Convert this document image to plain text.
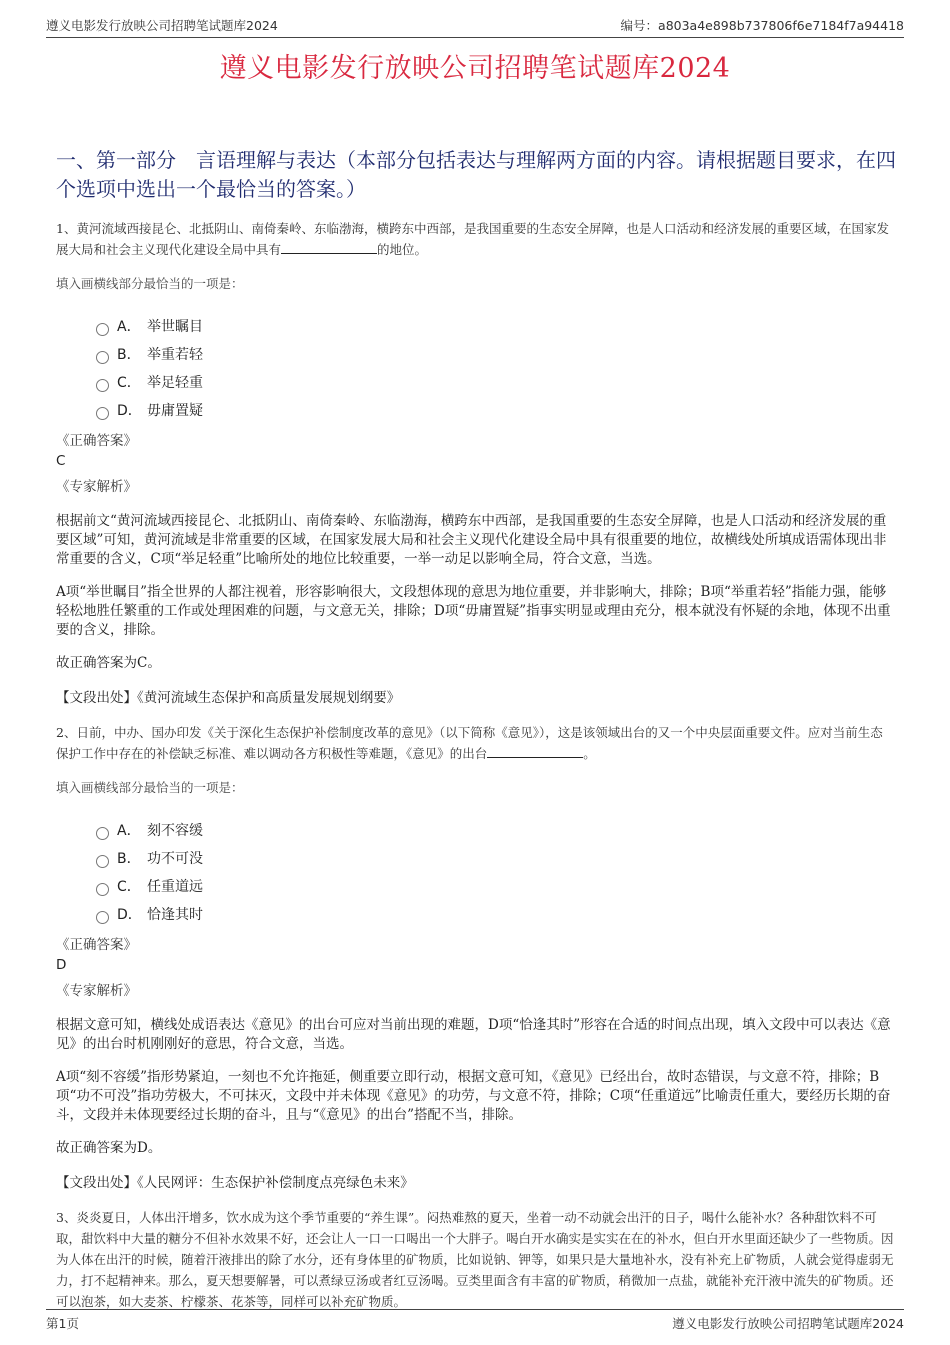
遵义电影发行放映公司招聘笔试题库2024	编号：a803a4e898b737806f6e7184f7a94418
遵义电影发行放映公司招聘笔试题库2024
一、第一部分　言语理解与表达（本部分包括表达与理解两方面的内容。请根据题目要求，在四个选项中选出一个最恰当的答案。）
1、黄河流域西接昆仑、北抵阴山、南倚秦岭、东临渤海，横跨东中西部，是我国重要的生态安全屏障，也是人口活动和经济发展的重要区域，在国家发展大局和社会主义现代化建设全局中具有	的地位。
填入画横线部分最恰当的一项是：
A． 举世瞩目
B． 举重若轻
C． 举足轻重
D． 毋庸置疑
《正确答案》
C
《专家解析》
根据前文“黄河流域西接昆仑、北抵阴山、南倚秦岭、东临渤海，横跨东中西部，是我国重要的生态安全屏障，也是人口活动和经济发展的重要区域”可知，黄河流域是非常重要的区域，在国家发展大局和社会主义现代化建设全局中具有很重要的地位，故横线处所填成语需体现出非常重要的含义，C项“举足轻重”比喻所处的地位比较重要，一举一动足以影响全局，符合文意，当选。
A项“举世瞩目”指全世界的人都注视着，形容影响很大，文段想体现的意思为地位重要，并非影响大，排除；B项“举重若轻”指能力强，能够轻松地胜任繁重的工作或处理困难的问题，与文意无关，排除；D项“毋庸置疑”指事实明显或理由充分，根本就没有怀疑的余地，体现不出重要的含义，排除。
故正确答案为C。
【文段出处】《黄河流域生态保护和高质量发展规划纲要》
2、日前，中办、国办印发《关于深化生态保护补偿制度改革的意见》（以下简称《意见》），这是该领域出台的又一个中央层面重要文件。应对当前生态保护工作中存在的补偿缺乏标准、难以调动各方积极性等难题，《意见》的出台	。
填入画横线部分最恰当的一项是：
A． 刻不容缓
B． 功不可没
C． 任重道远
D． 恰逢其时
《正确答案》
D
《专家解析》
根据文意可知，横线处成语表达《意见》的出台可应对当前出现的难题，D项“恰逢其时”形容在合适的时间点出现，填入文段中可以表达《意见》的出台时机刚刚好的意思，符合文意，当选。
A项“刻不容缓”指形势紧迫，一刻也不允许拖延，侧重要立即行动，根据文意可知，《意见》已经出台，故时态错误，与文意不符，排除；B项“功不可没”指功劳极大，不可抹灭，文段中并未体现《意见》的功劳，与文意不符，排除；C项“任重道远”比喻责任重大，要经历长期的奋斗，文段并未体现要经过长期的奋斗，且与“《意见》的出台”搭配不当，排除。
故正确答案为D。
【文段出处】《人民网评：生态保护补偿制度点亮绿色未来》
3、炎炎夏日，人体出汗增多，饮水成为这个季节重要的“养生课”。闷热难熬的夏天，坐着一动不动就会出汗的日子，喝什么能补水？各种甜饮料不可取，甜饮料中大量的糖分不但补水效果不好，还会让人一口一口喝出一个大胖子。喝白开水确实是实实在在的补水，但白开水里面还缺少了一些物质。因为人体在出汗的时候，随着汗液排出的除了水分，还有身体里的矿物质，比如说钠、钾等，如果只是大量地补水，没有补充上矿物质，人就会觉得虚弱无力，打不起精神来。那么，夏天想要解暑，可以煮绿豆汤或者红豆汤喝。豆类里面含有丰富的矿物质，稍微加一点盐，就能补充汗液中流失的矿物质。还可以泡茶，如大麦茶、柠檬茶、花茶等，同样可以补充矿物质。
第1页	遵义电影发行放映公司招聘笔试题库2024
